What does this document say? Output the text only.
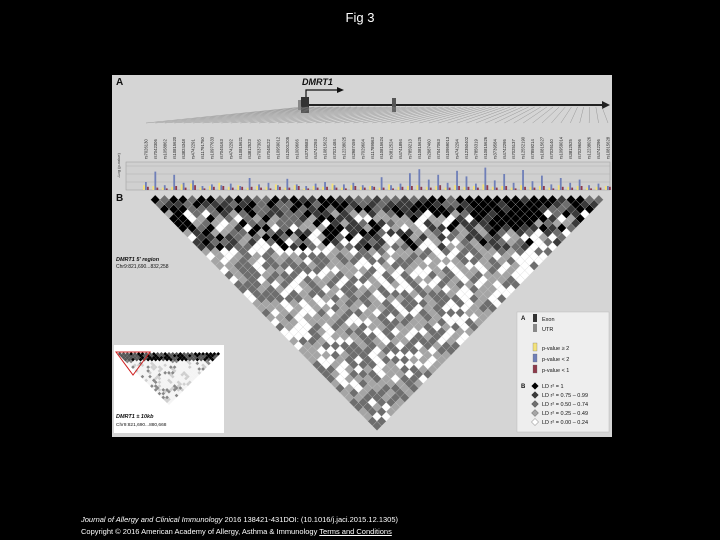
Fig 3
A
B
DMRT1
rs7026130 rs7042306 rs1058862 rs10815620 rs3824348 rs4742291 rs11791750 rs10977633 rs7045163 rs4742292 rs10815621 rs3812523 rs7037305 rs7048122 rs10959012 rs12001205 rs1009666 rs3739583 rs4742293 rs10815622 rs7021484 rs12238025 rs2987459 rs7029604 rs11789563 rs10815624 rs3812524 rs4741894 rs7859213 rs10815625 rs2987460 rs7047063 rs10959013 rs4742294 rs12350402 rs7856319 rs10815626 rs3739584 rs4742295 rs7025137 rs12552190 rs7859214 rs10815627 rs7026140 rs10959014 rs3812525 rs7029606 rs12238026 rs4742296 rs10815628
-Log (p-value)
DMRT1 5' region
Chr9:821,690...832,258
DMRT1 ± 10kb
Chr9:821,690...880,668
A	Exon
UTR
p-value ≥ 2
p-value < 2
p-value < 1
B	LD r² = 1
LD r² = 0.75 – 0.99
LD r² = 0.50 – 0.74
LD r² = 0.25 – 0.49
LD r² = 0.00 – 0.24
Journal of Allergy and Clinical Immunology 2016 138421-431DOI: (10.1016/j.jaci.2015.12.1305)
Copyright © 2016 American Academy of Allergy, Asthma & Immunology Terms and Conditions
